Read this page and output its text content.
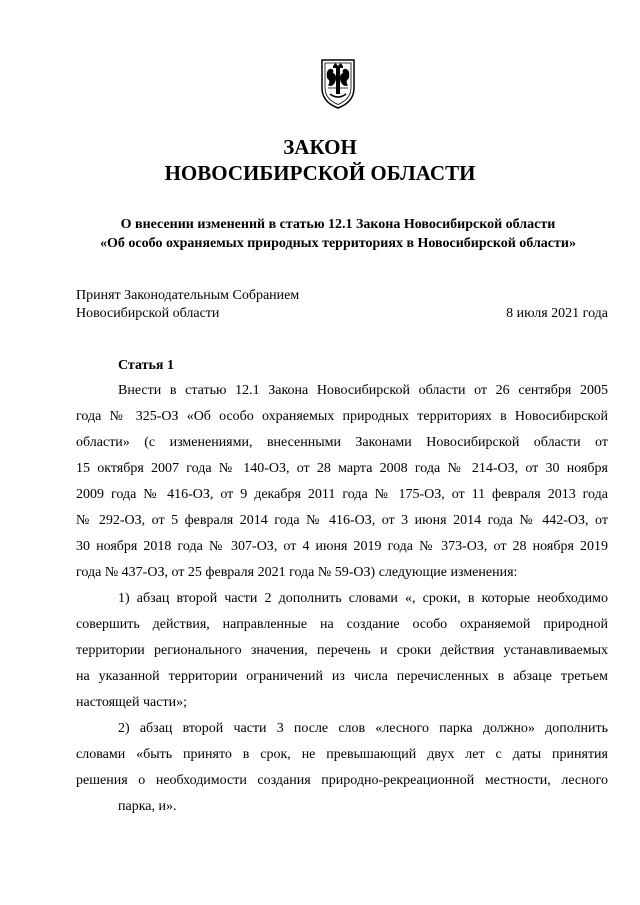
ЗАКОН
НОВОСИБИРСКОЙ ОБЛАСТИ
О внесении изменений в статью 12.1 Закона Новосибирской области
«Об особо охраняемых природных территориях в Новосибирской области»
Принят Законодательным Собранием
Новосибирской области	8 июля 2021 года
Статья 1
Внести в статью 12.1 Закона Новосибирской области от 26 сентября 2005
года № 325-ОЗ «Об особо охраняемых природных территориях в Новосибирской
области» (с изменениями, внесенными Законами Новосибирской области от
15 октября 2007 года № 140-ОЗ, от 28 марта 2008 года № 214-ОЗ, от 30 ноября
2009 года № 416-ОЗ, от 9 декабря 2011 года № 175-ОЗ, от 11 февраля 2013 года
№ 292-ОЗ, от 5 февраля 2014 года № 416-ОЗ, от 3 июня 2014 года № 442-ОЗ, от
30 ноября 2018 года № 307-ОЗ, от 4 июня 2019 года № 373-ОЗ, от 28 ноября 2019
года № 437-ОЗ, от 25 февраля 2021 года № 59-ОЗ) следующие изменения:
1) абзац второй части 2 дополнить словами «, сроки, в которые необходимо
совершить действия, направленные на создание особо охраняемой природной
территории регионального значения, перечень и сроки действия устанавливаемых
на указанной территории ограничений из числа перечисленных в абзаце третьем
настоящей части»;
2) абзац второй части 3 после слов «лесного парка должно» дополнить
словами «быть принято в срок, не превышающий двух лет с даты принятия
решения о необходимости создания природно-рекреационной местности, лесного
парка, и».
